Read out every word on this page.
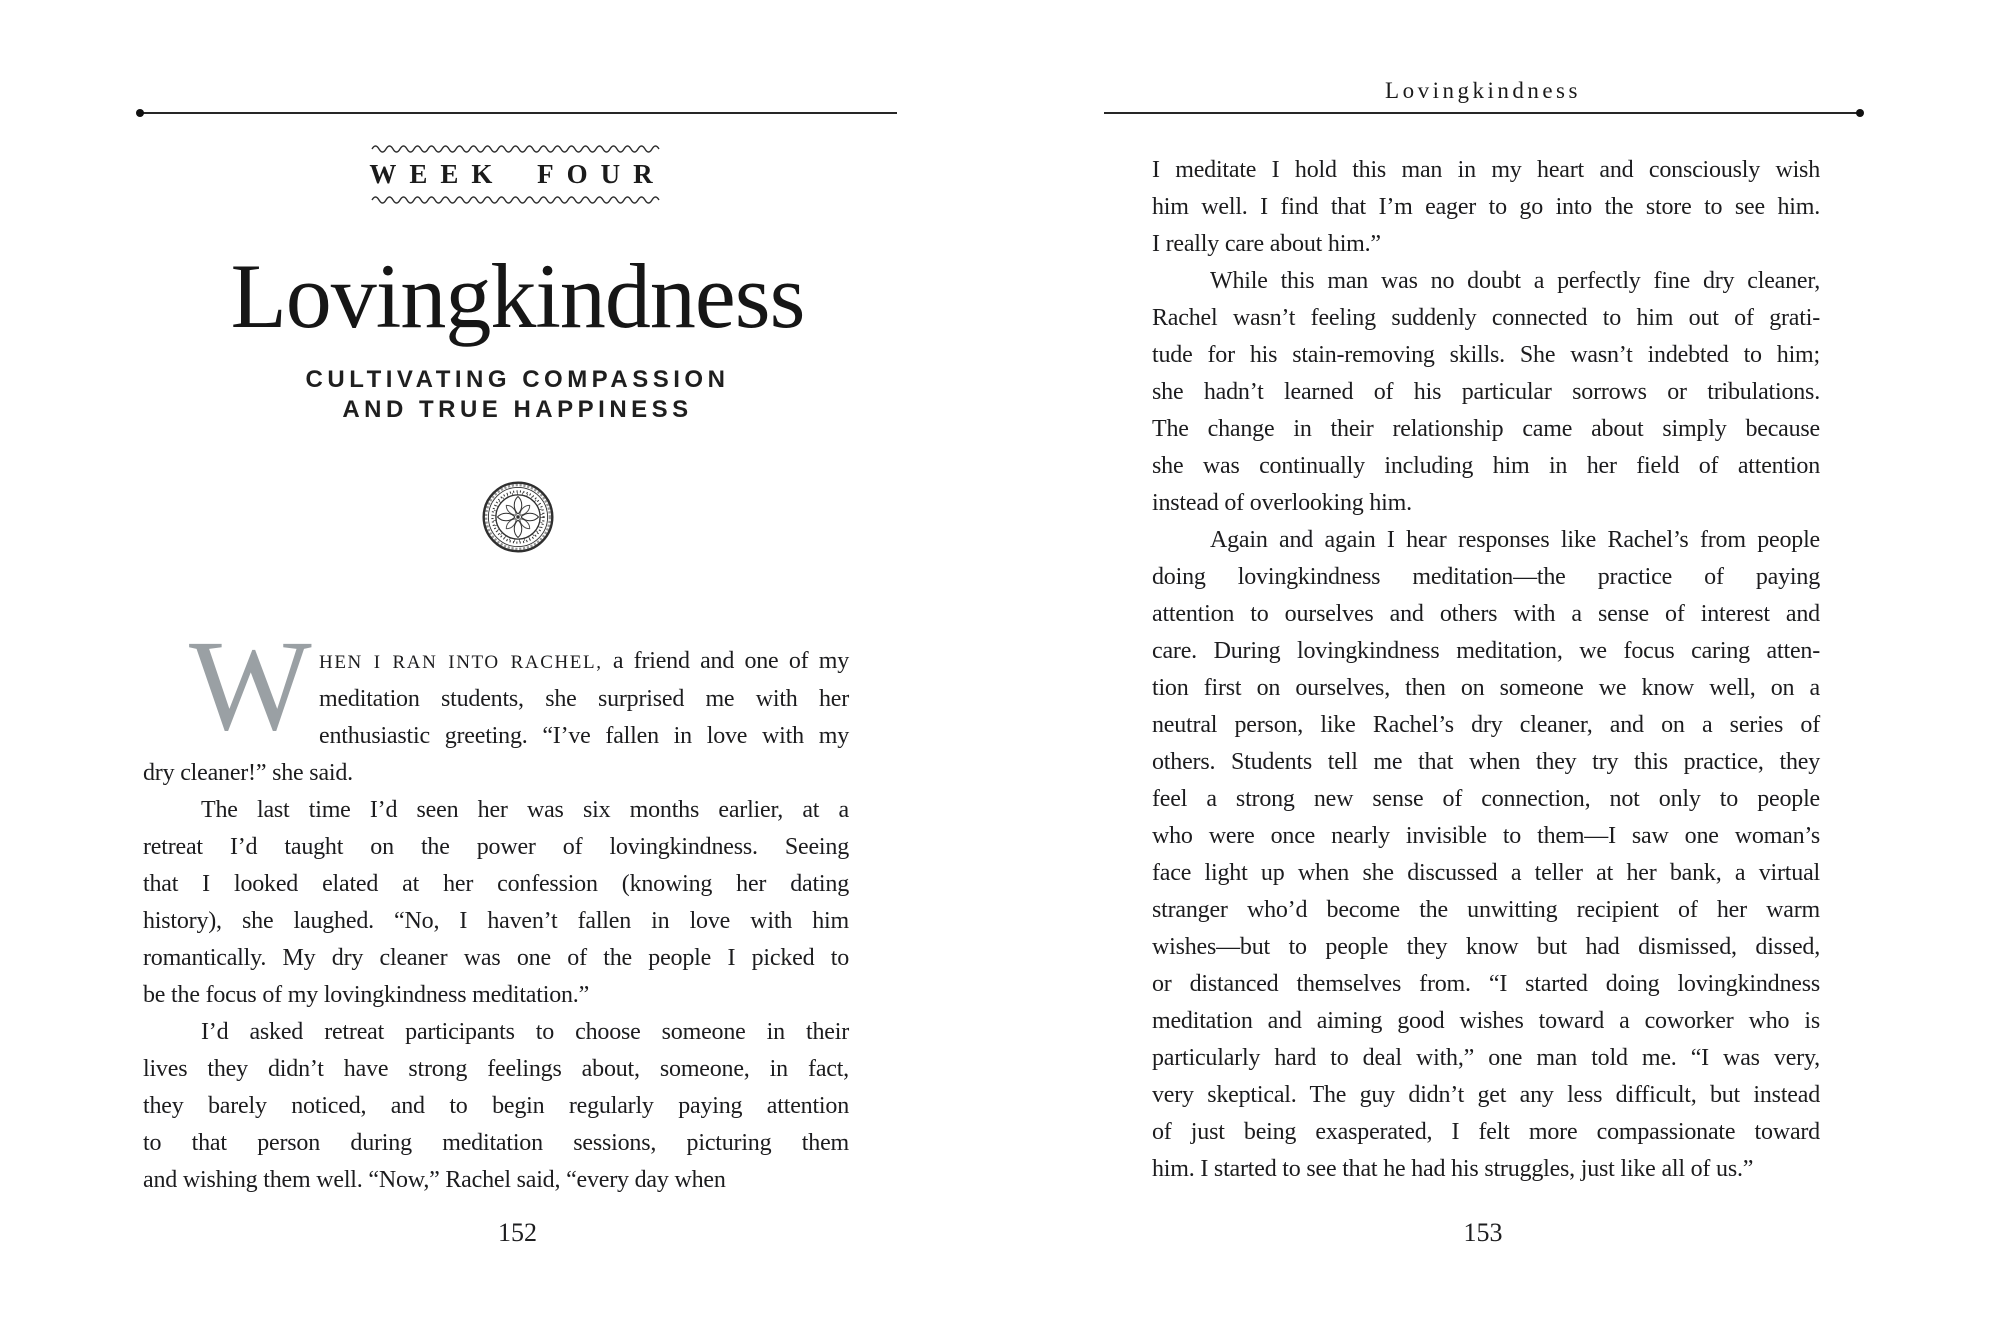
WEEK FOUR
Lovingkindness
CULTIVATING COMPASSION
AND TRUE HAPPINESS
W HEN I RAN INTO RACHEL, a friend and one of my
meditation students, she surprised me with her
enthusiastic greeting. “I’ve fallen in love with my
dry cleaner!” she said.
The last time I’d seen her was six months earlier, at a
retreat I’d taught on the power of lovingkindness. Seeing
that I looked elated at her confession (knowing her dating
history), she laughed. “No, I haven’t fallen in love with him
romantically. My dry cleaner was one of the people I picked to
be the focus of my lovingkindness meditation.”
I’d asked retreat participants to choose someone in their
lives they didn’t have strong feelings about, someone, in fact,
they barely noticed, and to begin regularly paying attention
to that person during meditation sessions, picturing them
and wishing them well. “Now,” Rachel said, “every day when
152
Lovingkindness
I meditate I hold this man in my heart and consciously wish
him well. I find that I’m eager to go into the store to see him.
I really care about him.”
While this man was no doubt a perfectly fine dry cleaner,
Rachel wasn’t feeling suddenly connected to him out of grati-
tude for his stain-removing skills. She wasn’t indebted to him;
she hadn’t learned of his particular sorrows or tribulations.
The change in their relationship came about simply because
she was continually including him in her field of attention
instead of overlooking him.
Again and again I hear responses like Rachel’s from people
doing lovingkindness meditation—the practice of paying
attention to ourselves and others with a sense of interest and
care. During lovingkindness meditation, we focus caring atten-
tion first on ourselves, then on someone we know well, on a
neutral person, like Rachel’s dry cleaner, and on a series of
others. Students tell me that when they try this practice, they
feel a strong new sense of connection, not only to people
who were once nearly invisible to them—I saw one woman’s
face light up when she discussed a teller at her bank, a virtual
stranger who’d become the unwitting recipient of her warm
wishes—but to people they know but had dismissed, dissed,
or distanced themselves from. “I started doing lovingkindness
meditation and aiming good wishes toward a coworker who is
particularly hard to deal with,” one man told me. “I was very,
very skeptical. The guy didn’t get any less difficult, but instead
of just being exasperated, I felt more compassionate toward
him. I started to see that he had his struggles, just like all of us.”
153
